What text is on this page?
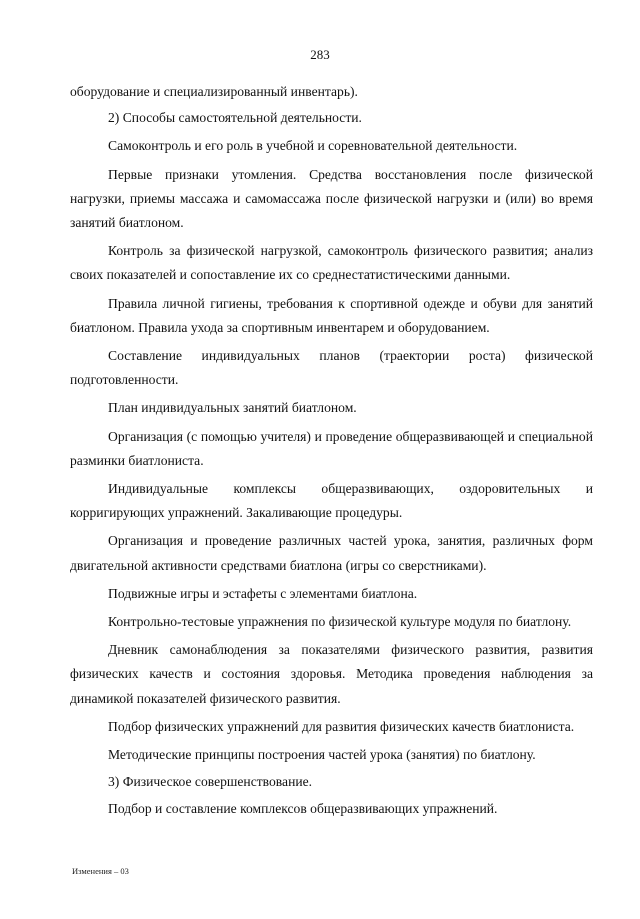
283

оборудование и специализированный инвентарь).

2) Способы самостоятельной деятельности.

Самоконтроль и его роль в учебной и соревновательной деятельности.

Первые признаки утомления. Средства восстановления после физической нагрузки, приемы массажа и самомассажа после физической нагрузки и (или) во время занятий биатлоном.

Контроль за физической нагрузкой, самоконтроль физического развития; анализ своих показателей и сопоставление их со среднестатистическими данными.

Правила личной гигиены, требования к спортивной одежде и обуви для занятий биатлоном. Правила ухода за спортивным инвентарем и оборудованием.

Составление индивидуальных планов (траектории роста) физической подготовленности.

План индивидуальных занятий биатлоном.

Организация (с помощью учителя) и проведение общеразвивающей и специальной разминки биатлониста.

Индивидуальные комплексы общеразвивающих, оздоровительных и корригирующих упражнений. Закаливающие процедуры.

Организация и проведение различных частей урока, занятия, различных форм двигательной активности средствами биатлона (игры со сверстниками).

Подвижные игры и эстафеты с элементами биатлона.

Контрольно-тестовые упражнения по физической культуре модуля по биатлону.

Дневник самонаблюдения за показателями физического развития, развития физических качеств и состояния здоровья. Методика проведения наблюдения за динамикой показателей физического развития.

Подбор физических упражнений для развития физических качеств биатлониста.

Методические принципы построения частей урока (занятия) по биатлону.

3) Физическое совершенствование.

Подбор и составление комплексов общеразвивающих упражнений.

Изменения – 03
